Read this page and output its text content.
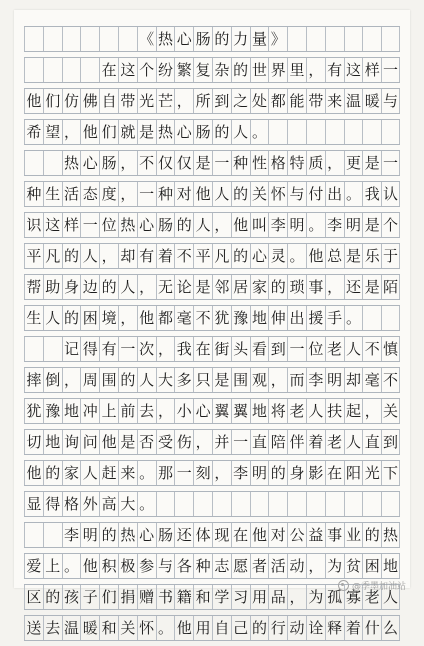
《 热 心 肠 的 力 量 》
在 这 个 纷 繁 复 杂 的 世 界 里 ， 有 这 样 一
他 们 仿 佛 自 带 光 芒 ， 所 到 之 处 都 能 带 来 温 暖 与
希 望 ， 他 们 就 是 热 心 肠 的 人 。
热 心 肠 ， 不 仅 仅 是 一 种 性 格 特 质 ， 更 是 一
种 生 活 态 度 ， 一 种 对 他 人 的 关 怀 与 付 出 。 我 认
识 这 样 一 位 热 心 肠 的 人 ， 他 叫 李 明 。 李 明 是 个
平 凡 的 人 ， 却 有 着 不 平 凡 的 心 灵 。 他 总 是 乐 于
帮 助 身 边 的 人 ， 无 论 是 邻 居 家 的 琐 事 ， 还 是 陌
生 人 的 困 境 ， 他 都 毫 不 犹 豫 地 伸 出 援 手 。
记 得 有 一 次 ， 我 在 街 头 看 到 一 位 老 人 不 慎
摔 倒 ， 周 围 的 人 大 多 只 是 围 观 ， 而 李 明 却 毫 不
犹 豫 地 冲 上 前 去 ， 小 心 翼 翼 地 将 老 人 扶 起 ， 关
切 地 询 问 他 是 否 受 伤 ， 并 一 直 陪 伴 着 老 人 直 到
他 的 家 人 赶 来 。 那 一 刻 ， 李 明 的 身 影 在 阳 光 下
显 得 格 外 高 大 。
李 明 的 热 心 肠 还 体 现 在 他 对 公 益 事 业 的 热
爱 上 。 他 积 极 参 与 各 种 志 愿 者 活 动 ， 为 贫 困 地
区 的 孩 子 们 捐 赠 书 籍 和 学 习 用 品 ， 为 孤 寡 老 人
送 去 温 暖 和 关 怀 。 他 用 自 己 的 行 动 诠 释 着 什 么
@季墨加油站
